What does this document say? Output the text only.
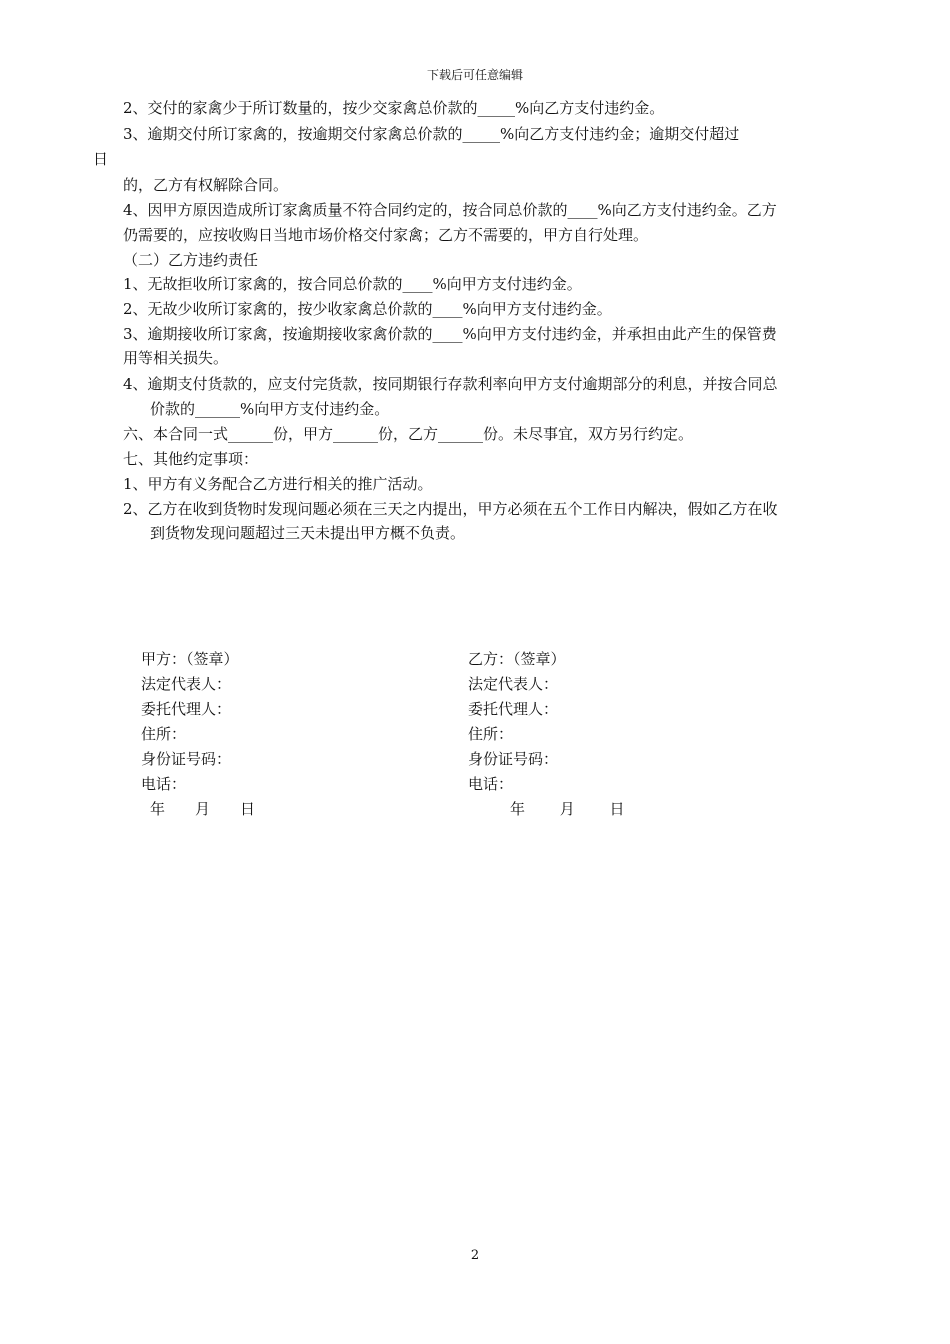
下载后可任意编辑
2、交付的家禽少于所订数量的，按少交家禽总价款的_____%向乙方支付违约金。
3、逾期交付所订家禽的，按逾期交付家禽总价款的_____%向乙方支付违约金；逾期交付超过
日
的，乙方有权解除合同。
4、因甲方原因造成所订家禽质量不符合同约定的，按合同总价款的____%向乙方支付违约金。乙方
仍需要的，应按收购日当地市场价格交付家禽；乙方不需要的，甲方自行处理。
（二）乙方违约责任
1、无故拒收所订家禽的，按合同总价款的____%向甲方支付违约金。
2、无故少收所订家禽的，按少收家禽总价款的____%向甲方支付违约金。
3、逾期接收所订家禽，按逾期接收家禽价款的____%向甲方支付违约金，并承担由此产生的保管费
用等相关损失。
4、逾期支付货款的，应支付完货款，按同期银行存款利率向甲方支付逾期部分的利息，并按合同总
价款的______%向甲方支付违约金。
六、本合同一式______份，甲方______份，乙方______份。未尽事宜，双方另行约定。
七、其他约定事项：
1、甲方有义务配合乙方进行相关的推广活动。
2、乙方在收到货物时发现问题必须在三天之内提出，甲方必须在五个工作日内解决，假如乙方在收
到货物发现问题超过三天未提出甲方概不负责。
甲方：（签章）
法定代表人：
委托代理人：
住所：
身份证号码：
电话：
年　　月　　日
乙方：（签章）
法定代表人：
委托代理人：
住所：
身份证号码：
电话：
年　　 月　　 日
2
